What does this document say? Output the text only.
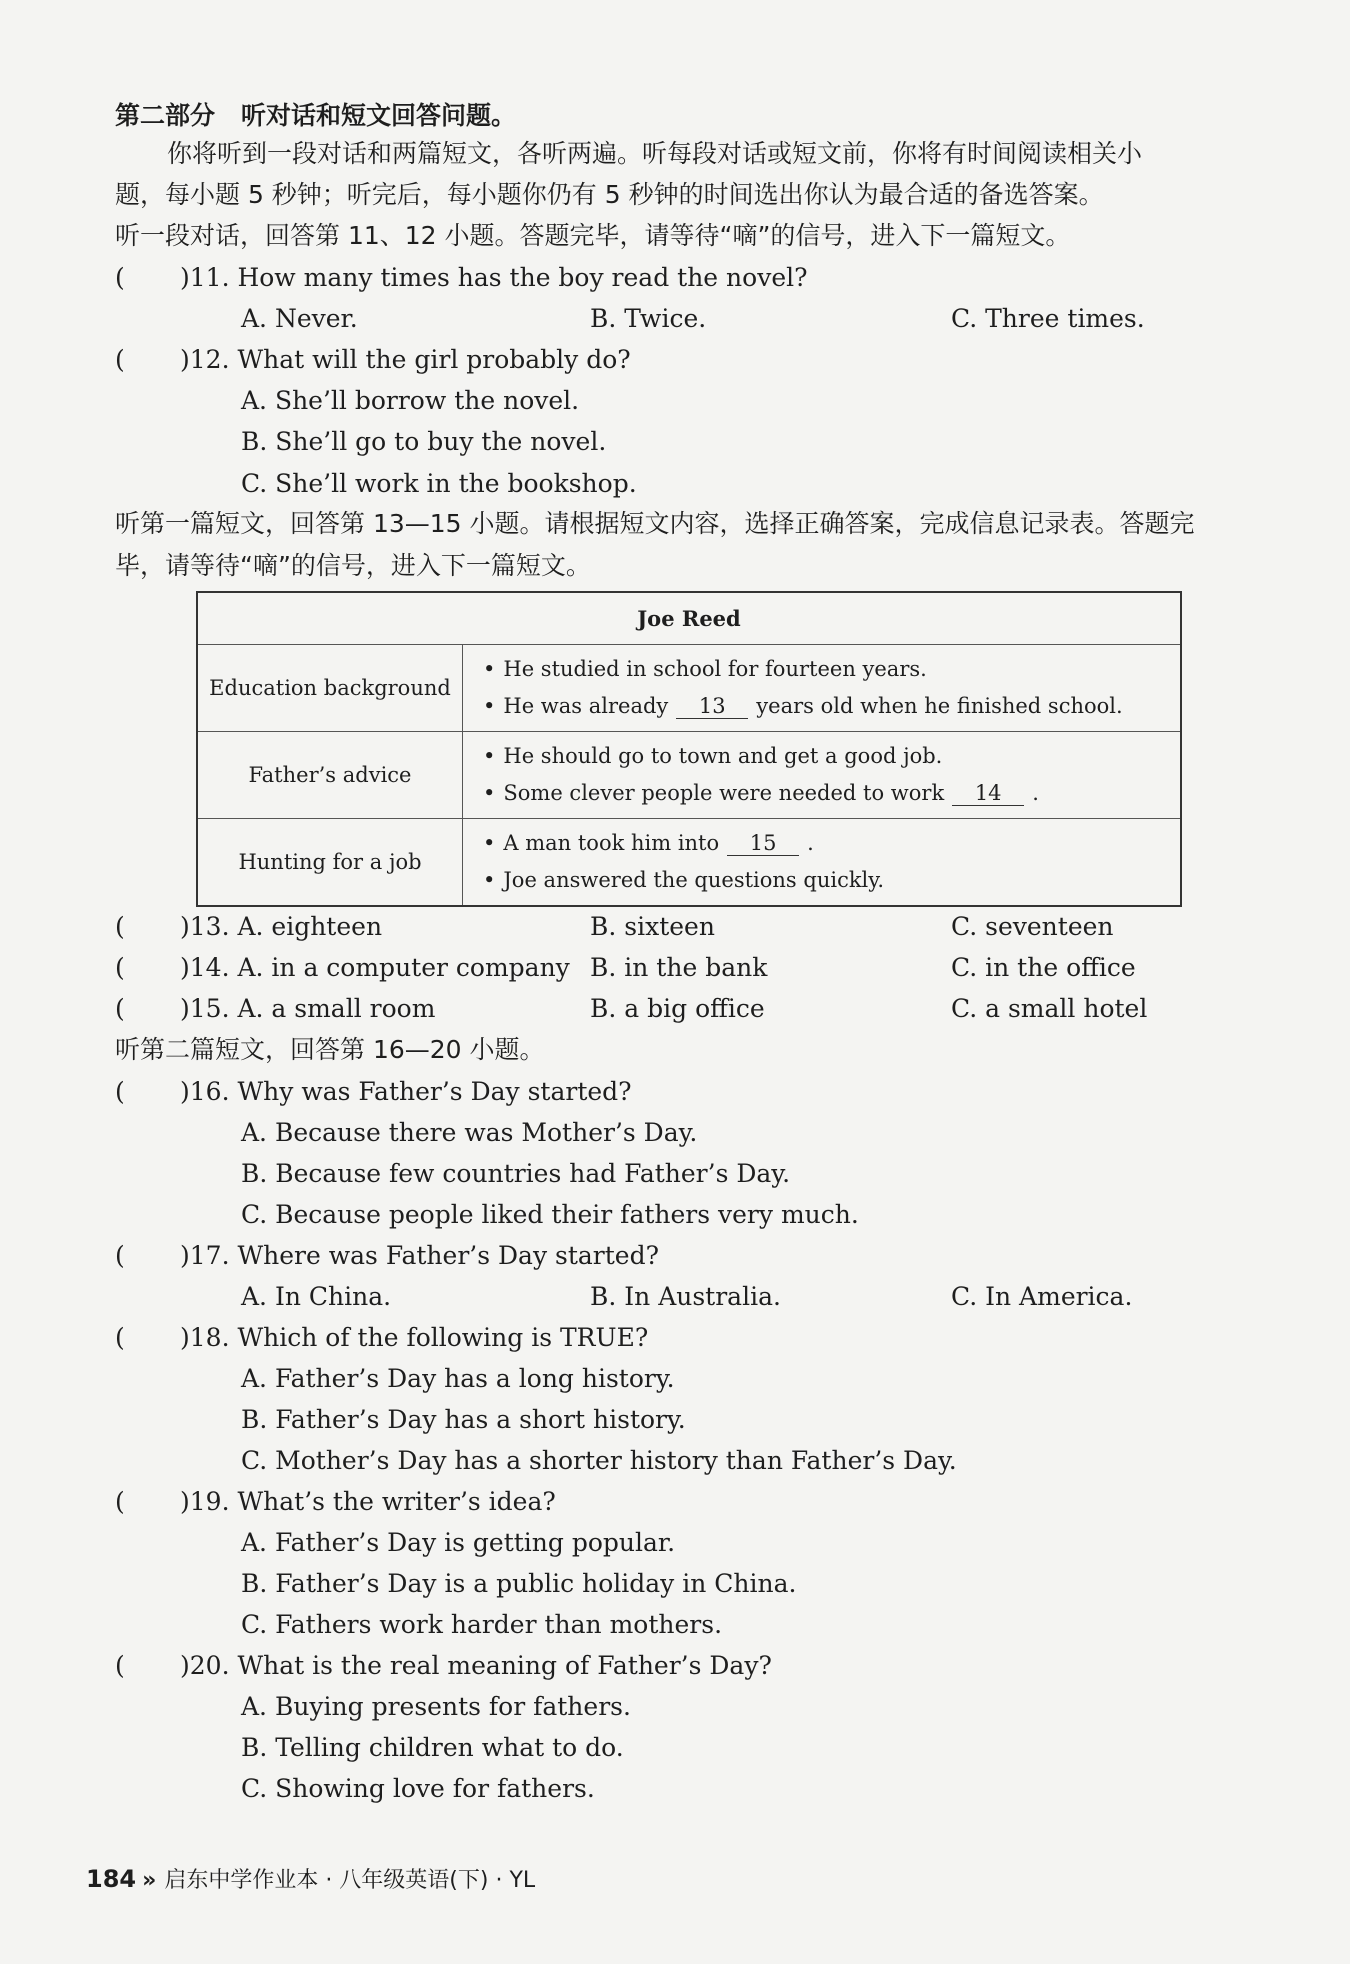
第二部分 听对话和短文回答问题。
你将听到一段对话和两篇短文，各听两遍。听每段对话或短文前，你将有时间阅读相关小
题，每小题 5 秒钟；听完后，每小题你仍有 5 秒钟的时间选出你认为最合适的备选答案。
听一段对话，回答第 11、12 小题。答题完毕，请等待“嘀”的信号，进入下一篇短文。
( )11. How many times has the boy read the novel?
A. Never.	B. Twice.	C. Three times.
( )12. What will the girl probably do?
A. She’ll borrow the novel.
B. She’ll go to buy the novel.
C. She’ll work in the bookshop.
听第一篇短文，回答第 13—15 小题。请根据短文内容，选择正确答案，完成信息记录表。答题完
毕，请等待“嘀”的信号，进入下一篇短文。
Joe Reed	
Education background	• He studied in school for fourteen years.
• He was already 13 years old when he finished school.

Father’s advice	• He should go to town and get a good job.
• Some clever people were needed to work 14 .

Hunting for a job	• A man took him into 15 .
• Joe answered the questions quickly.
( )13. A. eighteen	B. sixteen	C. seventeen
( )14. A. in a computer company B. in the bank	C. in the office
( )15. A. a small room	B. a big office	C. a small hotel
听第二篇短文，回答第 16—20 小题。
( )16. Why was Father’s Day started?
A. Because there was Mother’s Day.
B. Because few countries had Father’s Day.
C. Because people liked their fathers very much.
( )17. Where was Father’s Day started?
A. In China.	B. In Australia.	C. In America.
( )18. Which of the following is TRUE?
A. Father’s Day has a long history.
B. Father’s Day has a short history.
C. Mother’s Day has a shorter history than Father’s Day.
( )19. What’s the writer’s idea?
A. Father’s Day is getting popular.
B. Father’s Day is a public holiday in China.
C. Fathers work harder than mothers.
( )20. What is the real meaning of Father’s Day?
A. Buying presents for fathers.
B. Telling children what to do.
C. Showing love for fathers.
184 » 启东中学作业本 · 八年级英语(下) · YL
